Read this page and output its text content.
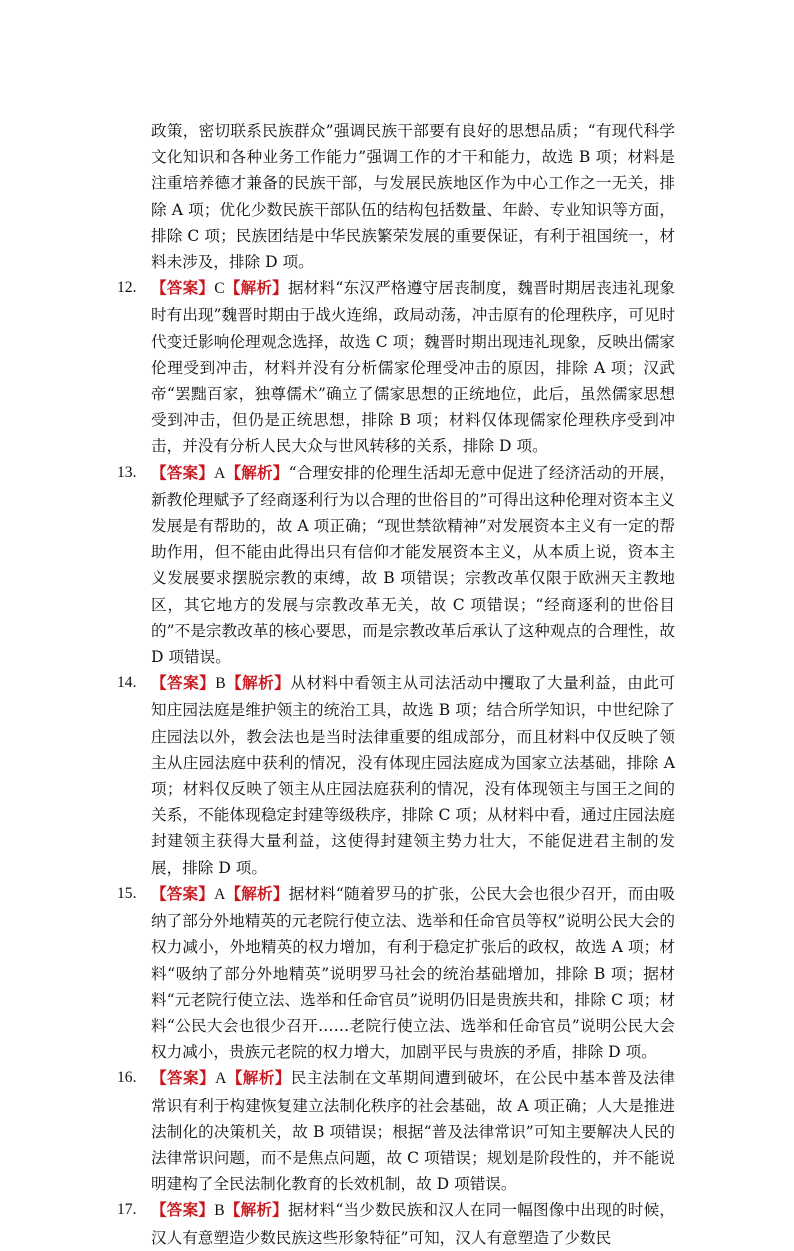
政策，密切联系民族群众”强调民族干部要有良好的思想品质；“有现代科学文化知识和各种业务工作能力”强调工作的才干和能力，故选 B 项；材料是注重培养德才兼备的民族干部，与发展民族地区作为中心工作之一无关，排除 A 项；优化少数民族干部队伍的结构包括数量、年龄、专业知识等方面，排除 C 项；民族团结是中华民族繁荣发展的重要保证，有利于祖国统一，材料未涉及，排除 D 项。

12. 【答案】C【解析】据材料“东汉严格遵守居丧制度，魏晋时期居丧违礼现象时有出现”魏晋时期由于战火连绵，政局动荡，冲击原有的伦理秩序，可见时代变迁影响伦理观念选择，故选 C 项；魏晋时期出现违礼现象，反映出儒家伦理受到冲击，材料并没有分析儒家伦理受冲击的原因，排除 A 项；汉武帝“罢黜百家，独尊儒术”确立了儒家思想的正统地位，此后，虽然儒家思想受到冲击，但仍是正统思想，排除 B 项；材料仅体现儒家伦理秩序受到冲击，并没有分析人民大众与世风转移的关系，排除 D 项。
13. 【答案】A【解析】“合理安排的伦理生活却无意中促进了经济活动的开展，新教伦理赋予了经商逐利行为以合理的世俗目的”可得出这种伦理对资本主义发展是有帮助的，故 A 项正确；“现世禁欲精神”对发展资本主义有一定的帮助作用，但不能由此得出只有信仰才能发展资本主义，从本质上说，资本主义发展要求摆脱宗教的束缚，故 B 项错误；宗教改革仅限于欧洲天主教地区，其它地方的发展与宗教改革无关，故 C 项错误；“经商逐利的世俗目的”不是宗教改革的核心要思，而是宗教改革后承认了这种观点的合理性，故 D 项错误。
14. 【答案】B【解析】从材料中看领主从司法活动中攫取了大量利益，由此可知庄园法庭是维护领主的统治工具，故选 B 项；结合所学知识，中世纪除了庄园法以外，教会法也是当时法律重要的组成部分，而且材料中仅反映了领主从庄园法庭中获利的情况，没有体现庄园法庭成为国家立法基础，排除 A 项；材料仅反映了领主从庄园法庭获利的情况，没有体现领主与国王之间的关系，不能体现稳定封建等级秩序，排除 C 项；从材料中看，通过庄园法庭封建领主获得大量利益，这使得封建领主势力壮大，不能促进君主制的发展，排除 D 项。
15. 【答案】A【解析】据材料“随着罗马的扩张，公民大会也很少召开，而由吸纳了部分外地精英的元老院行使立法、选举和任命官员等权”说明公民大会的权力减小，外地精英的权力增加，有利于稳定扩张后的政权，故选 A 项；材料“吸纳了部分外地精英”说明罗马社会的统治基础增加，排除 B 项；据材料“元老院行使立法、选举和任命官员”说明仍旧是贵族共和，排除 C 项；材料“公民大会也很少召开……老院行使立法、选举和任命官员”说明公民大会权力减小，贵族元老院的权力增大，加剧平民与贵族的矛盾，排除 D 项。
16. 【答案】A【解析】民主法制在文革期间遭到破坏，在公民中基本普及法律常识有利于构建恢复建立法制化秩序的社会基础，故 A 项正确；人大是推进法制化的决策机关，故 B 项错误；根据“普及法律常识”可知主要解决人民的法律常识问题，而不是焦点问题，故 C 项错误；规划是阶段性的，并不能说明建构了全民法制化教育的长效机制，故 D 项错误。
17. 【答案】B【解析】据材料“当少数民族和汉人在同一幅图像中出现的时候，汉人有意塑造少数民族这些形象特征”可知，汉人有意塑造了少数民
